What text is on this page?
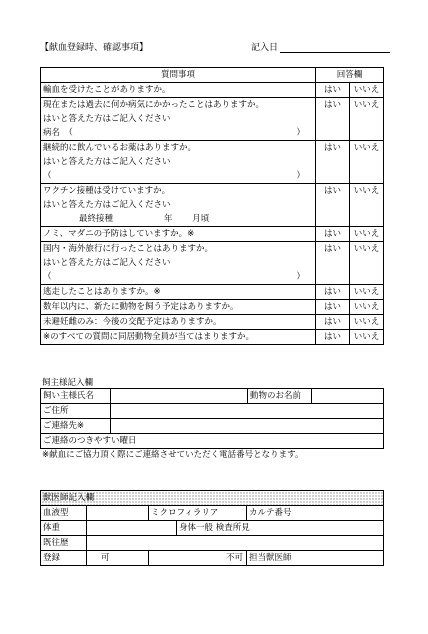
【献血登録時、確認事項】	記入日
質問事項	回答欄	
輸血を受けたことがありますか。	はい	いいえ

現在または過去に何か病気にかかったことはありますか。
はいと答えた方はご記入ください
病名　（ ）	はい	いいえ

継続的に飲んでいるお薬はありますか。
はいと答えた方はご記入ください
（ ）	はい	いいえ

ワクチン接種は受けていますか。
はいと答えた方はご記入ください
最終接種　　　　　　年　　 月頃	はい	いいえ
ノミ、マダニの予防はしていますか。※	はい	いいえ

国内・海外旅行に行ったことはありますか。
はいと答えた方はご記入ください
（ ）	はい	いいえ
逃走したことはありますか。※	はい	いいえ
数年以内に、新たに動物を飼う予定はありますか。	はい	いいえ
未避妊雌のみ：今後の交配予定はありますか。	はい	いいえ
※のすべての質問に同居動物全員が当てはまりますか。	はい	いいえ
飼主様記入欄
飼い主様氏名		動物のお名前	
ご住所			
ご連絡先※			
ご連絡のつきやすい曜日			
※献血にご協力頂く際にご連絡させていただく電話番号となります。
獣医師記入欄				
血液型		ミクロフィラリア		カルテ番号
体重			身体一般 検査所見	
既往歴				
登録	可	不可		担当獣医師
